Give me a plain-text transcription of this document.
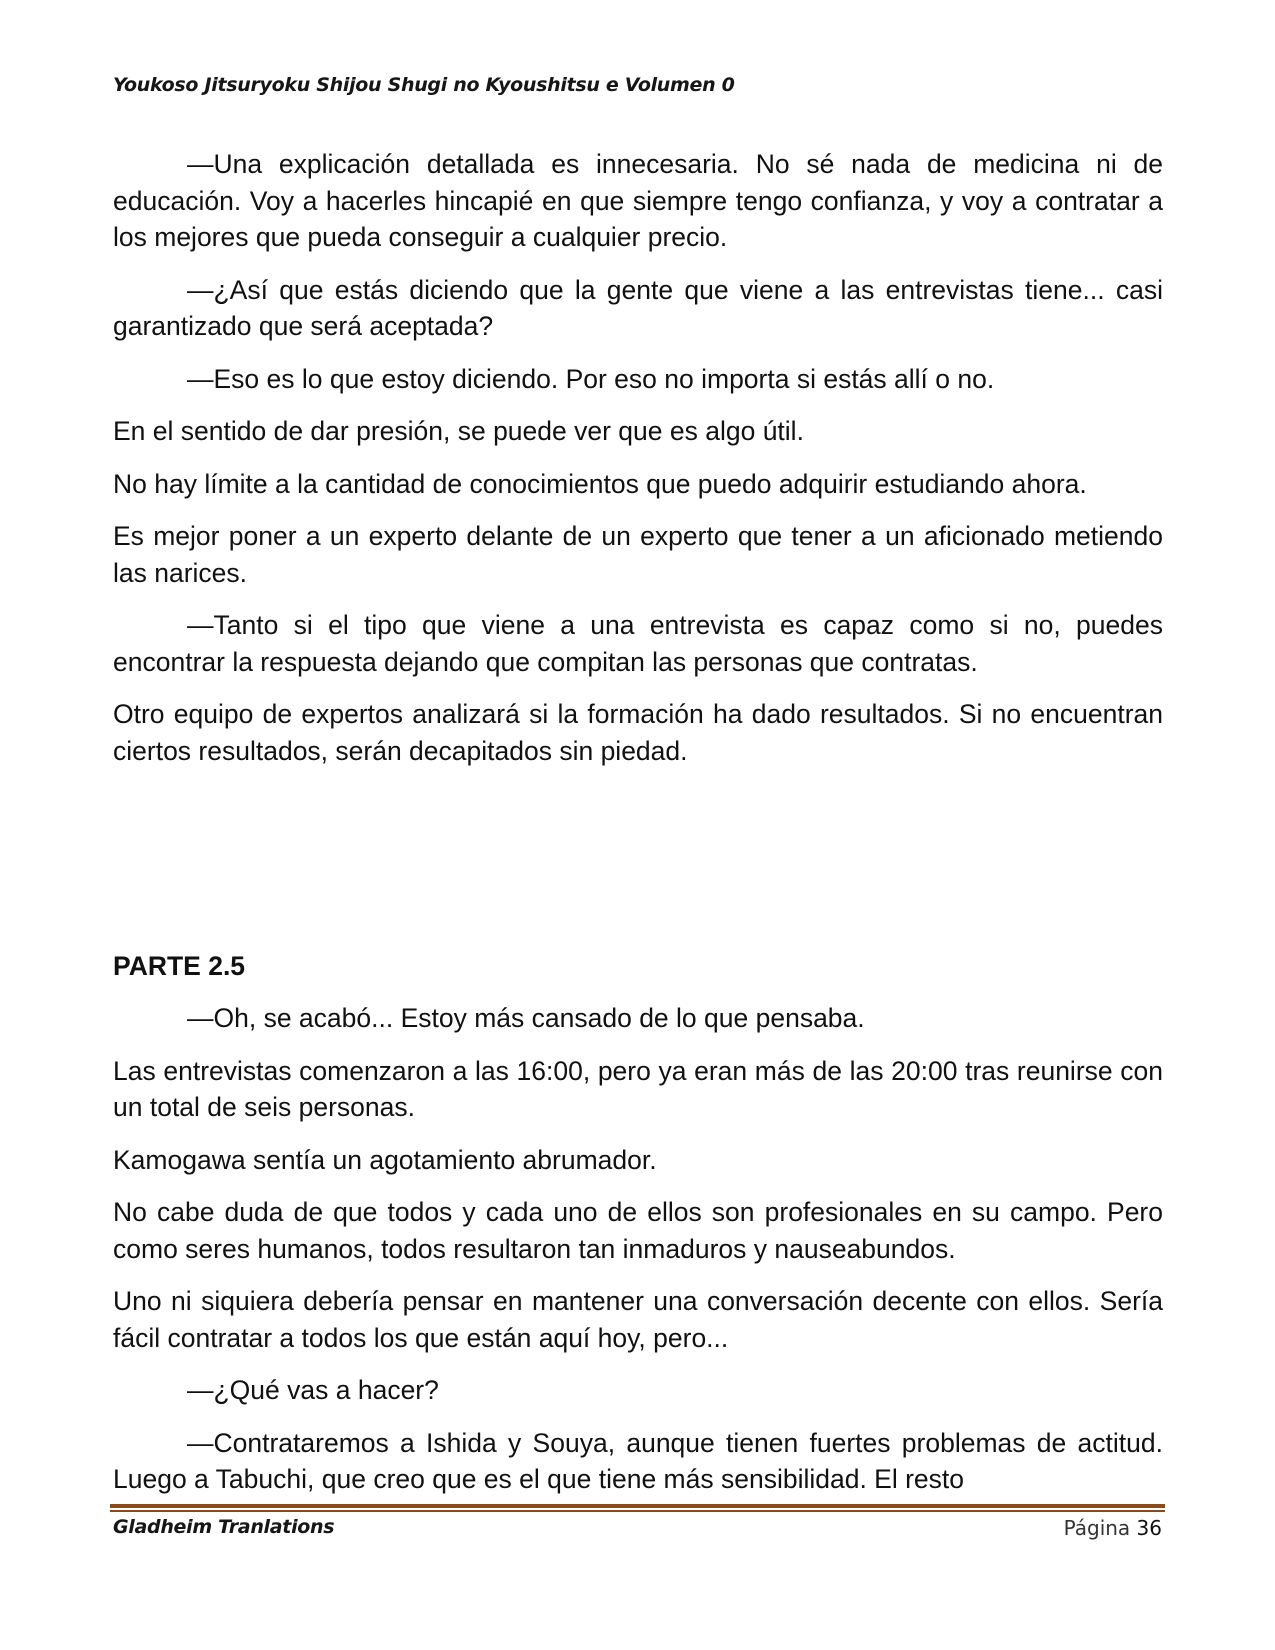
Youkoso Jitsuryoku Shijou Shugi no Kyoushitsu e Volumen 0

—Una explicación detallada es innecesaria. No sé nada de medicina ni de educación. Voy a hacerles hincapié en que siempre tengo confianza, y voy a contratar a los mejores que pueda conseguir a cualquier precio.

—¿Así que estás diciendo que la gente que viene a las entrevistas tiene... casi garantizado que será aceptada?

—Eso es lo que estoy diciendo. Por eso no importa si estás allí o no.

En el sentido de dar presión, se puede ver que es algo útil.

No hay límite a la cantidad de conocimientos que puedo adquirir estudiando ahora.

Es mejor poner a un experto delante de un experto que tener a un aficionado metiendo las narices.

—Tanto si el tipo que viene a una entrevista es capaz como si no, puedes encontrar la respuesta dejando que compitan las personas que contratas.

Otro equipo de expertos analizará si la formación ha dado resultados. Si no encuentran ciertos resultados, serán decapitados sin piedad.

PARTE 2.5

—Oh, se acabó... Estoy más cansado de lo que pensaba.

Las entrevistas comenzaron a las 16:00, pero ya eran más de las 20:00 tras reunirse con un total de seis personas.

Kamogawa sentía un agotamiento abrumador.

No cabe duda de que todos y cada uno de ellos son profesionales en su campo. Pero como seres humanos, todos resultaron tan inmaduros y nauseabundos.

Uno ni siquiera debería pensar en mantener una conversación decente con ellos. Sería fácil contratar a todos los que están aquí hoy, pero...

—¿Qué vas a hacer?

—Contrataremos a Ishida y Souya, aunque tienen fuertes problemas de actitud. Luego a Tabuchi, que creo que es el que tiene más sensibilidad. El resto

Gladheim Tranlations	Página 36
